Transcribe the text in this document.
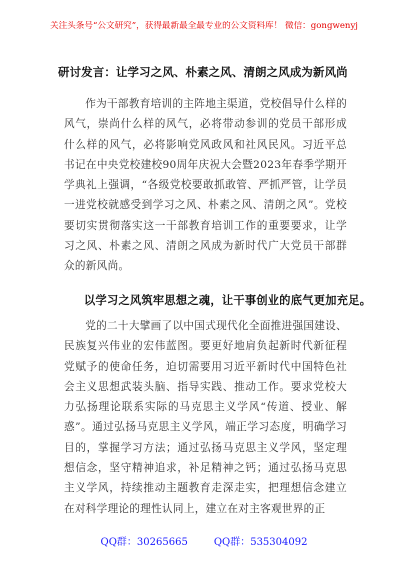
关注头条号“公文研究”，获得最新最全最专业的公文资料库！ 微信：gongwenyj
研讨发言：让学习之风、朴素之风、清朗之风成为新风尚

作为干部教育培训的主阵地主渠道，党校倡导什么样的风气，崇尚什么样的风气，必将带动参训的党员干部形成什么样的风气，必将影响党风政风和社风民风。习近平总书记在中央党校建校90周年庆祝大会暨2023年春季学期开学典礼上强调，“各级党校要敢抓敢管、严抓严管，让学员一进党校就感受到学习之风、朴素之风、清朗之风”。党校要切实贯彻落实这一干部教育培训工作的重要要求，让学习之风、朴素之风、清朗之风成为新时代广大党员干部群众的新风尚。

以学习之风筑牢思想之魂，让干事创业的底气更加充足。

党的二十大擘画了以中国式现代化全面推进强国建设、民族复兴伟业的宏伟蓝图。要更好地肩负起新时代新征程党赋予的使命任务，迫切需要用习近平新时代中国特色社会主义思想武装头脑、指导实践、推动工作。要求党校大力弘扬理论联系实际的马克思主义学风“传道、授业、解惑”。通过弘扬马克思主义学风，端正学习态度，明确学习目的，掌握学习方法；通过弘扬马克思主义学风，坚定理想信念，坚守精神追求，补足精神之钙；通过弘扬马克思主义学风，持续推动主题教育走深走实，把理想信念建立在对科学理论的理性认同上，建立在对主客观世界的正

QQ群：30265665	QQ群：535304092
